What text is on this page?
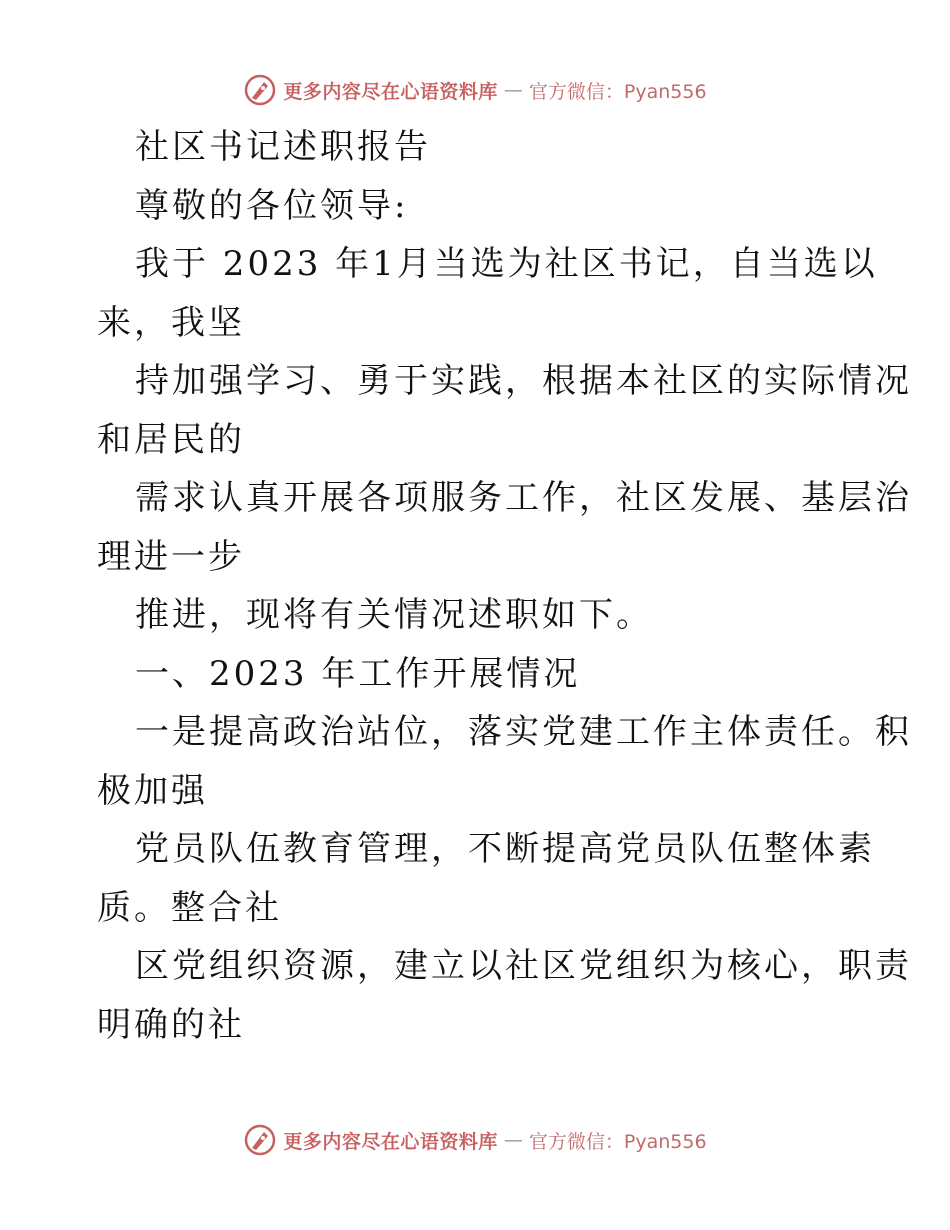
更多内容尽在心语资料库 — 官方微信：Pyan556
社区书记述职报告
尊敬的各位领导:
我于 2023 年1月当选为社区书记，自当选以
来，我坚
持加强学习、勇于实践，根据本社区的实际情况
和居民的
需求认真开展各项服务工作，社区发展、基层治
理进一步
推进，现将有关情况述职如下。
一、2023 年工作开展情况
一是提高政治站位，落实党建工作主体责任。积
极加强
党员队伍教育管理，不断提高党员队伍整体素
质。整合社
区党组织资源，建立以社区党组织为核心，职责
明确的社
更多内容尽在心语资料库 — 官方微信：Pyan556
